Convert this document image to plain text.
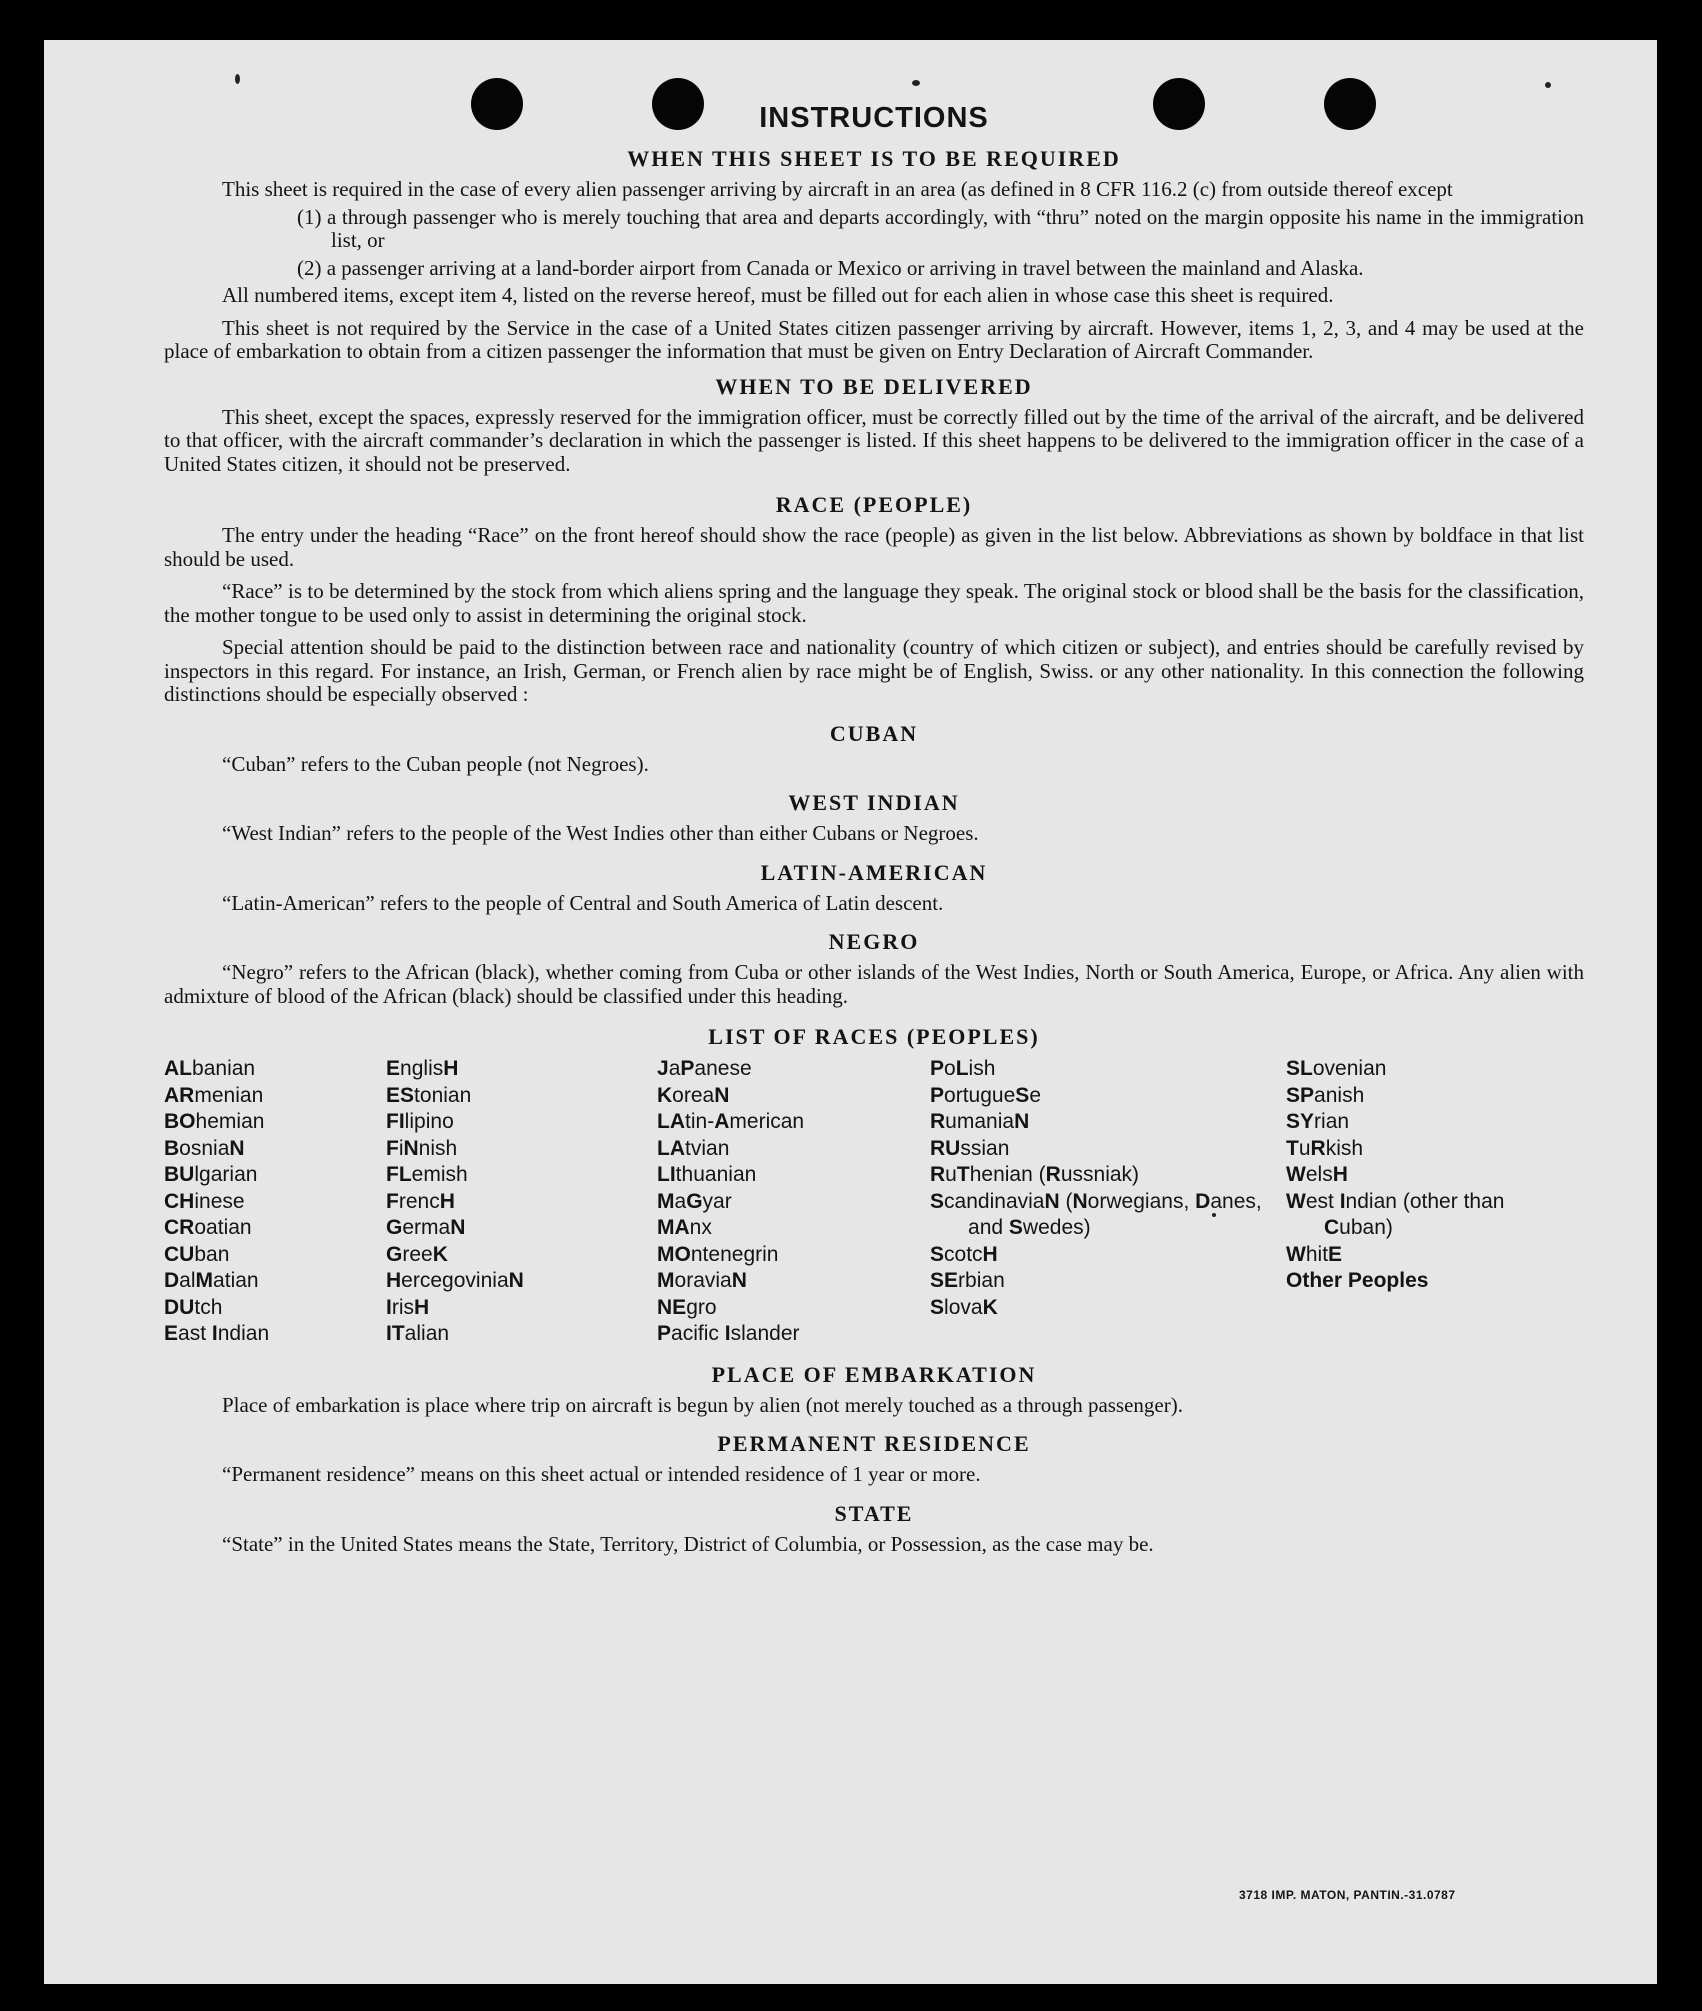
INSTRUCTIONS
WHEN THIS SHEET IS TO BE REQUIRED

This sheet is required in the case of every alien passenger arriving by aircraft in an area (as defined in 8 CFR 116.2 (c) from outside thereof except

(1) a through passenger who is merely touching that area and departs accordingly, with “thru” noted on the margin opposite his name in the immigration list, or

(2) a passenger arriving at a land-border airport from Canada or Mexico or arriving in travel between the mainland and Alaska.

All numbered items, except item 4, listed on the reverse hereof, must be filled out for each alien in whose case this sheet is required.

This sheet is not required by the Service in the case of a United States citizen passenger arriving by aircraft. However, items 1, 2, 3, and 4 may be used at the place of embarkation to obtain from a citizen passenger the information that must be given on Entry Declaration of Aircraft Commander.

WHEN TO BE DELIVERED

This sheet, except the spaces, expressly reserved for the immigration officer, must be correctly filled out by the time of the arrival of the aircraft, and be delivered to that officer, with the aircraft commander’s declaration in which the passenger is listed. If this sheet happens to be delivered to the immigration officer in the case of a United States citizen, it should not be preserved.

RACE (PEOPLE)

The entry under the heading “Race” on the front hereof should show the race (people) as given in the list below. Abbreviations as shown by boldface in that list should be used.

“Race” is to be determined by the stock from which aliens spring and the language they speak. The original stock or blood shall be the basis for the classification, the mother tongue to be used only to assist in determining the original stock.

Special attention should be paid to the distinction between race and nationality (country of which citizen or subject), and entries should be carefully revised by inspectors in this regard. For instance, an Irish, German, or French alien by race might be of English, Swiss. or any other nationality. In this connection the following distinctions should be especially observed :

CUBAN

“Cuban” refers to the Cuban people (not Negroes).

WEST INDIAN

“West Indian” refers to the people of the West Indies other than either Cubans or Negroes.

LATIN-AMERICAN

“Latin-American” refers to the people of Central and South America of Latin descent.

NEGRO

“Negro” refers to the African (black), whether coming from Cuba or other islands of the West Indies, North or South America, Europe, or Africa. Any alien with admixture of blood of the African (black) should be classified under this heading.

LIST OF RACES (PEOPLES)
ALbanian
ARmenian
BOhemian
BosniaN
BUlgarian
CHinese
CRoatian
CUban
DalMatian
DUtch
East Indian
EnglisH
EStonian
FIlipino
FiNnish
FLemish
FrencH
GermaN
GreeK
HercegoviniaN
IrisH
ITalian
JaPanese
KoreaN
LAtin-American
LAtvian
LIthuanian
MaGyar
MAnx
MOntenegrin
MoraviaN
NEgro
Pacific Islander
PoLish
PortugueSe
RumaniaN
RUssian
RuThenian (Russniak)
ScandinaviaN (Norwegians, Danes, and Swedes)
ScotcH
SErbian
SlovaK
SLovenian
SPanish
SYrian
TuRkish
WelsH
West Indian (other than Cuban)
WhitE
Other Peoples
PLACE OF EMBARKATION

Place of embarkation is place where trip on aircraft is begun by alien (not merely touched as a through passenger).

PERMANENT RESIDENCE

“Permanent residence” means on this sheet actual or intended residence of 1 year or more.

STATE

“State” in the United States means the State, Territory, District of Columbia, or Possession, as the case may be.

3718 IMP. MATON, PANTIN.-31.0787
